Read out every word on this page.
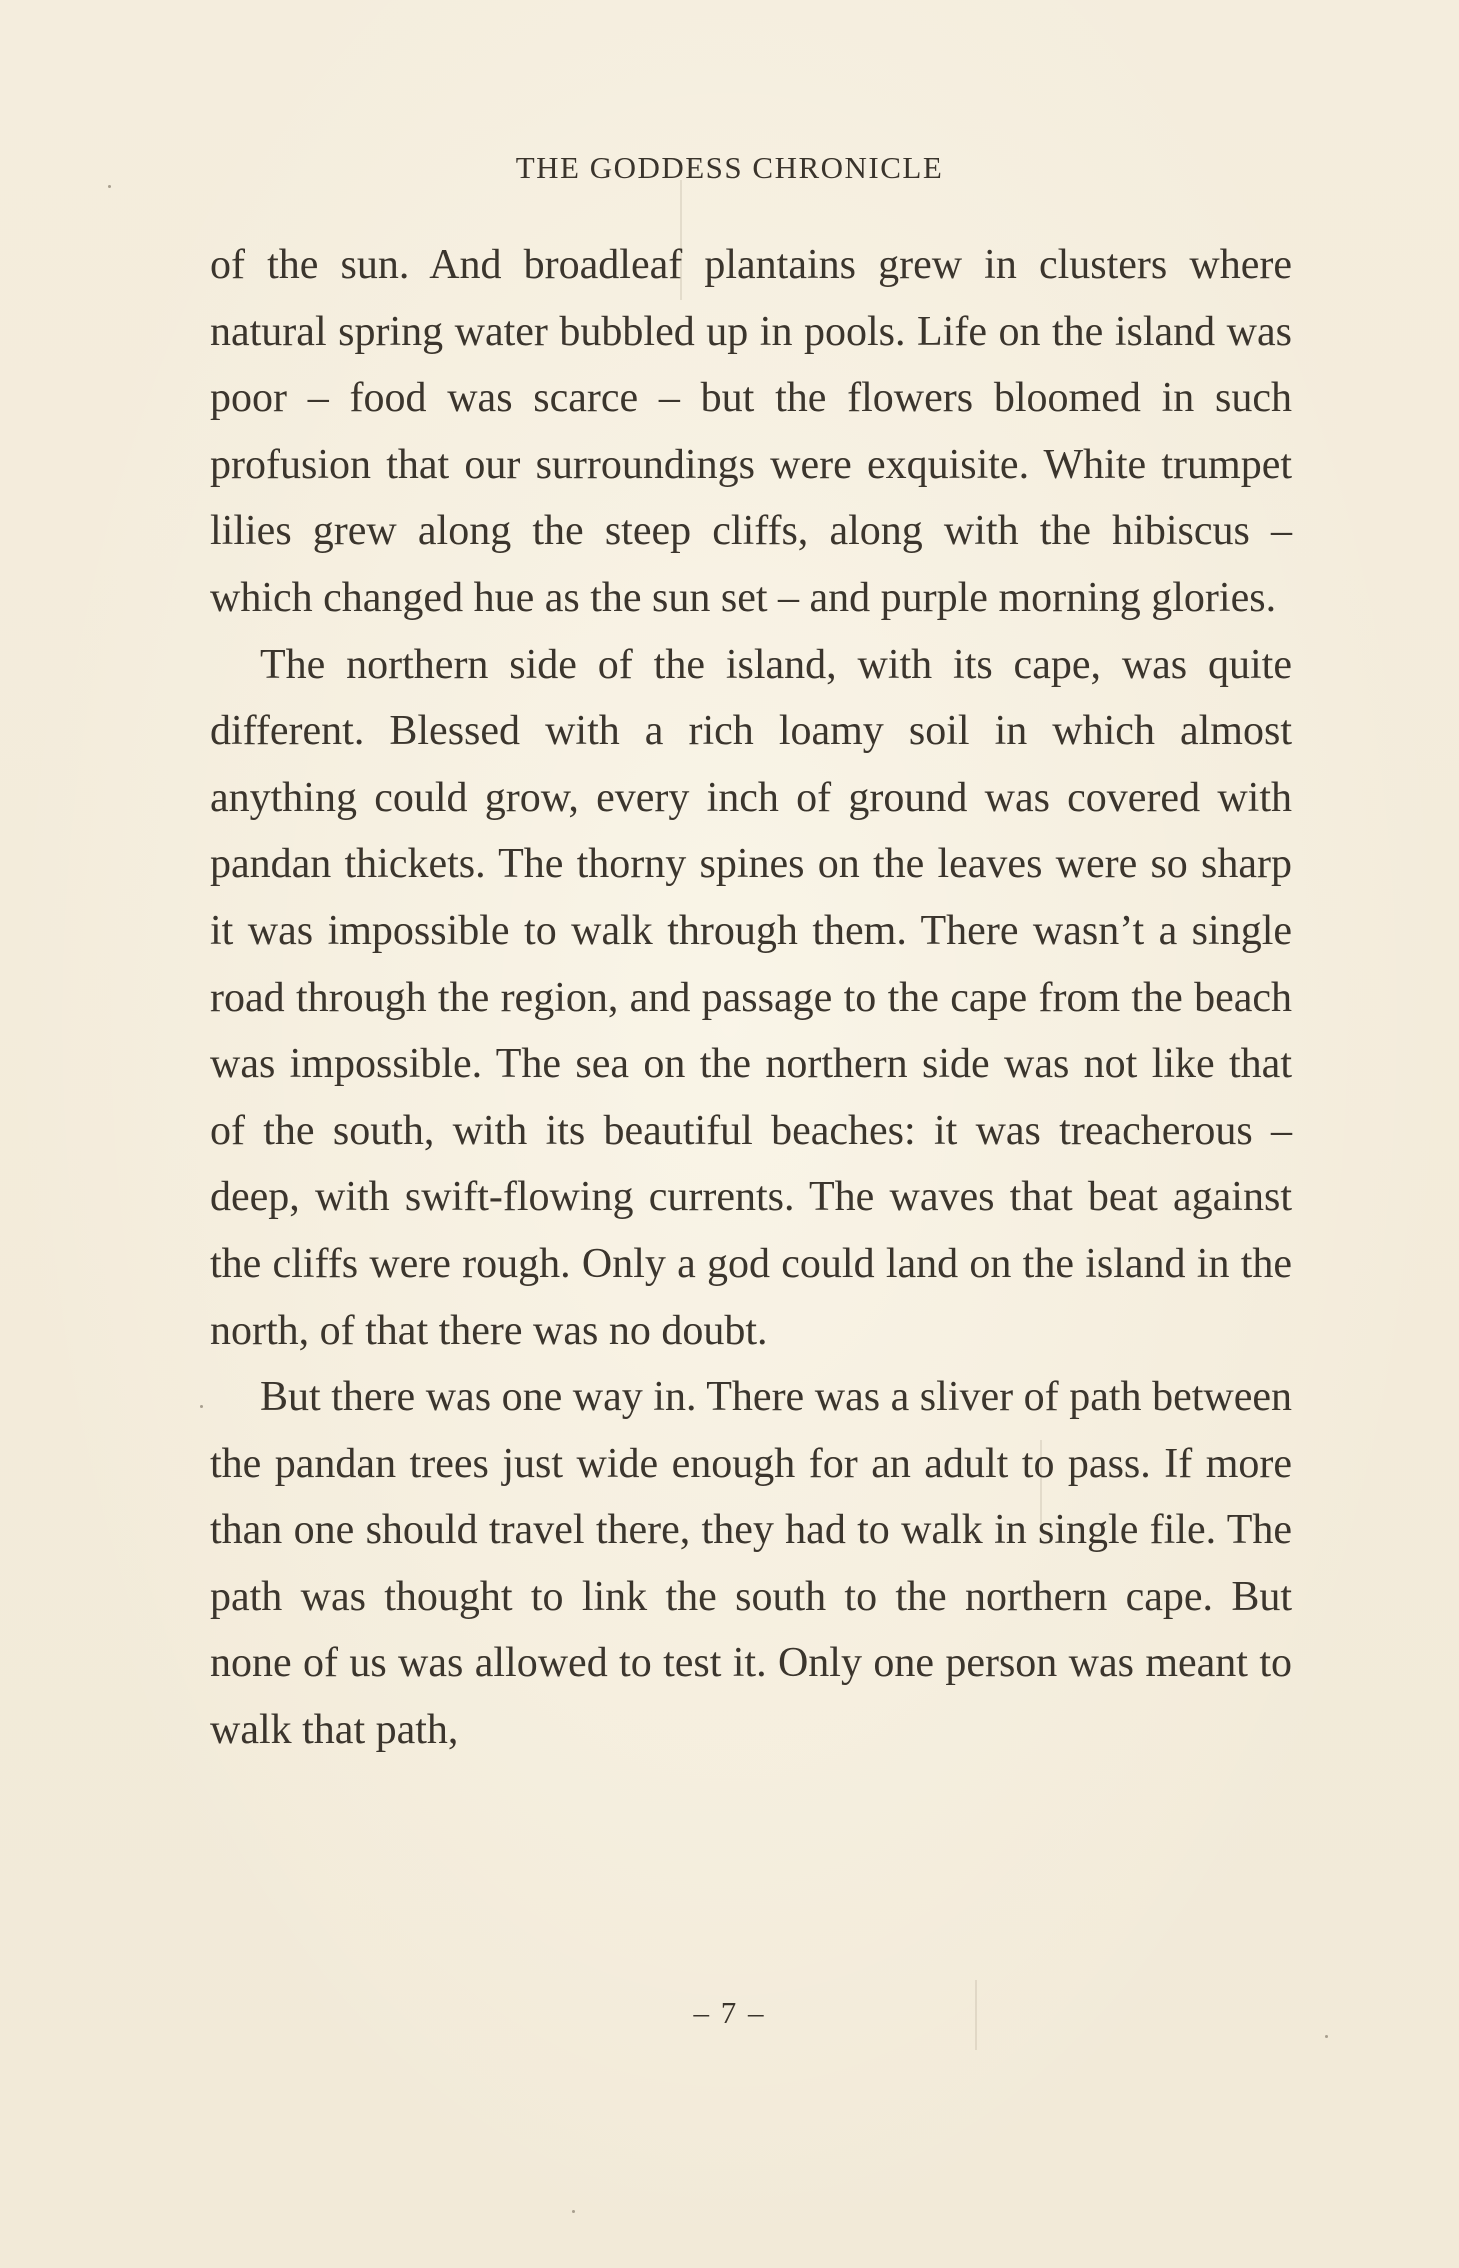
THE GODDESS CHRONICLE

of the sun. And broadleaf plantains grew in clusters where natural spring water bubbled up in pools. Life on the island was poor – food was scarce – but the flowers bloomed in such profusion that our surroundings were exquisite. White trumpet lilies grew along the steep cliffs, along with the hibiscus – which changed hue as the sun set – and purple morning glories.

The northern side of the island, with its cape, was quite different. Blessed with a rich loamy soil in which almost anything could grow, every inch of ground was covered with pandan thickets. The thorny spines on the leaves were so sharp it was impossible to walk through them. There wasn’t a single road through the region, and passage to the cape from the beach was impossible. The sea on the northern side was not like that of the south, with its beautiful beaches: it was treacherous – deep, with swift-flowing currents. The waves that beat against the cliffs were rough. Only a god could land on the island in the north, of that there was no doubt.

But there was one way in. There was a sliver of path between the pandan trees just wide enough for an adult to pass. If more than one should travel there, they had to walk in single file. The path was thought to link the south to the northern cape. But none of us was allowed to test it. Only one person was meant to walk that path,

– 7 –
